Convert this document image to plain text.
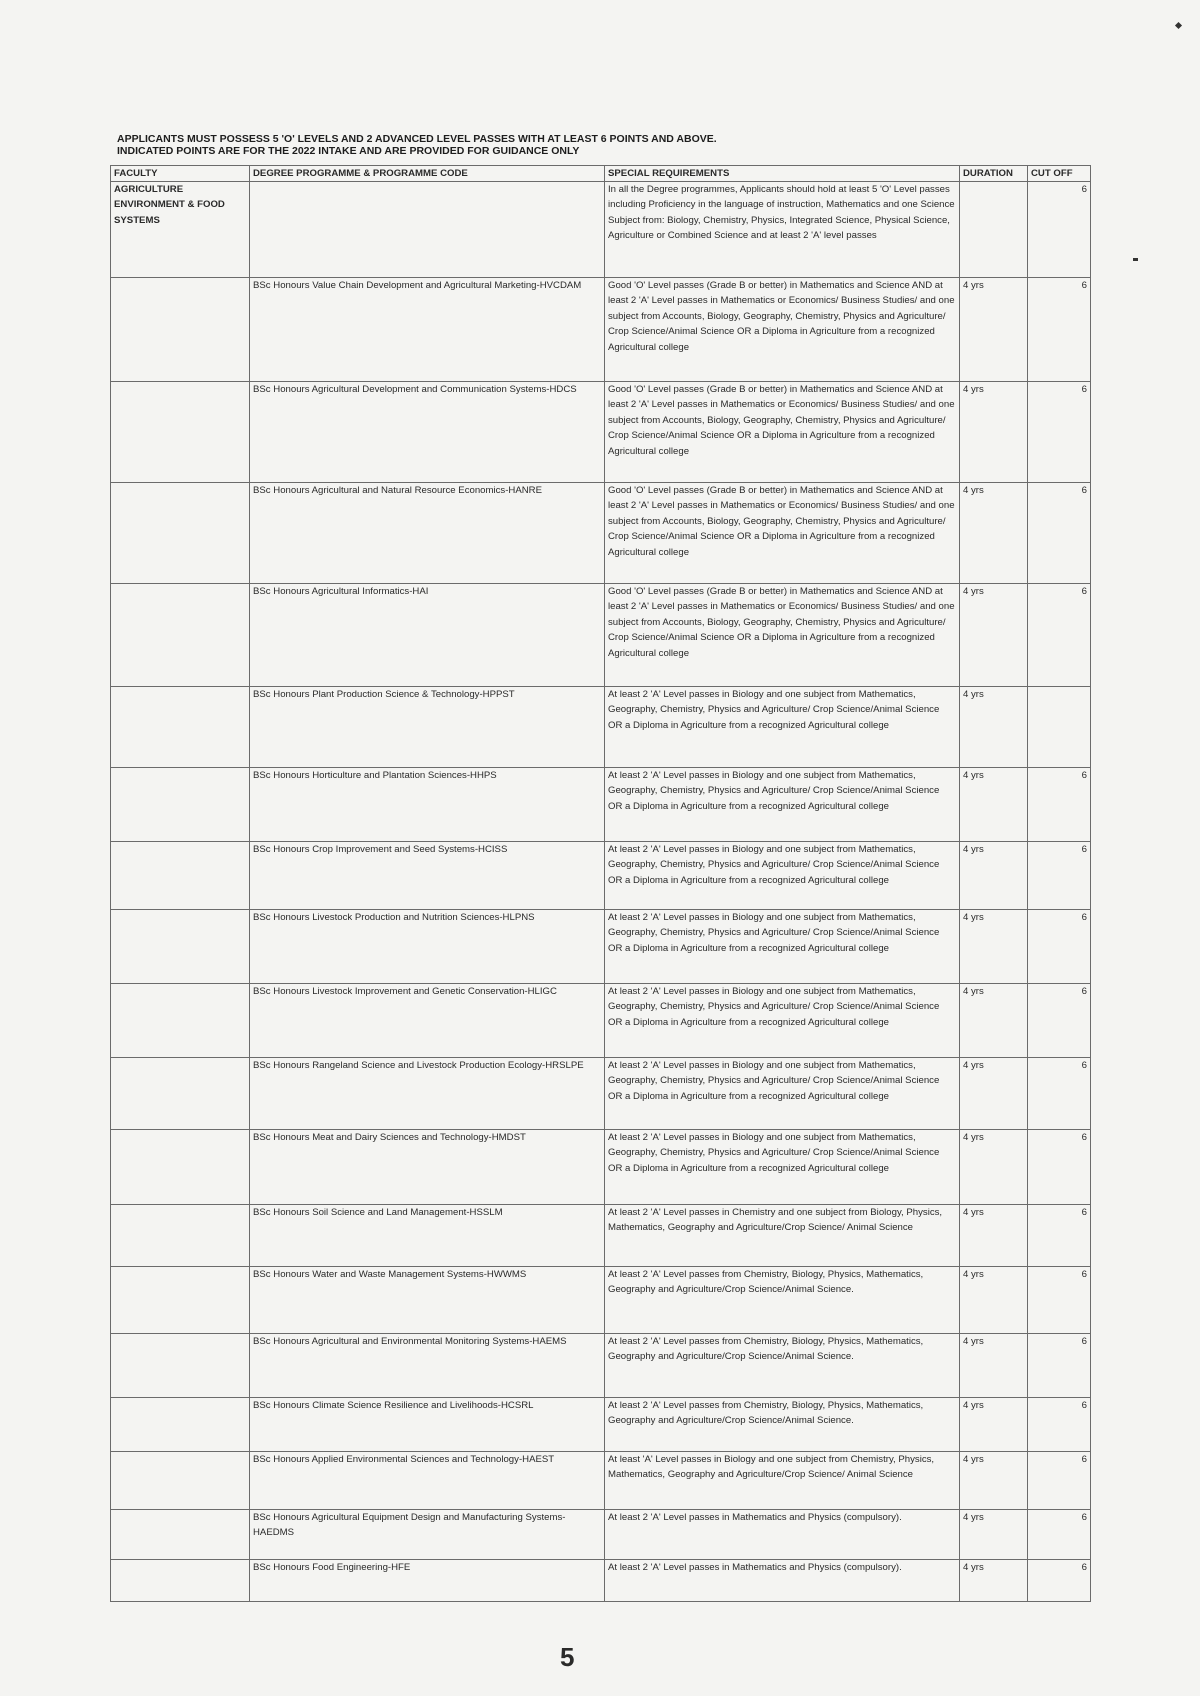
APPLICANTS MUST POSSESS 5 'O' LEVELS AND 2 ADVANCED LEVEL PASSES WITH AT LEAST 6 POINTS AND ABOVE.
INDICATED POINTS ARE FOR THE 2022 INTAKE AND ARE PROVIDED FOR GUIDANCE ONLY
FACULTY	DEGREE PROGRAMME & PROGRAMME CODE	SPECIAL REQUIREMENTS	DURATION	CUT OFF
AGRICULTURE ENVIRONMENT & FOOD SYSTEMS		In all the Degree programmes, Applicants should hold at least 5 'O' Level passes including Proficiency in the language of instruction, Mathematics and one Science Subject from: Biology, Chemistry, Physics, Integrated Science, Physical Science, Agriculture or Combined Science and at least 2 'A' level passes		6
	BSc Honours Value Chain Development and Agricultural Marketing-HVCDAM	Good 'O' Level passes (Grade B or better) in Mathematics and Science AND at least 2 'A' Level passes in Mathematics or Economics/ Business Studies/ and one subject from Accounts, Biology, Geography, Chemistry, Physics and Agriculture/ Crop Science/Animal Science OR a Diploma in Agriculture from a recognized Agricultural college	4 yrs	6
	BSc Honours Agricultural Development and Communication Systems-HDCS	Good 'O' Level passes (Grade B or better) in Mathematics and Science AND at least 2 'A' Level passes in Mathematics or Economics/ Business Studies/ and one subject from Accounts, Biology, Geography, Chemistry, Physics and Agriculture/ Crop Science/Animal Science OR a Diploma in Agriculture from a recognized Agricultural college	4 yrs	6
	BSc Honours Agricultural and Natural Resource Economics-HANRE	Good 'O' Level passes (Grade B or better) in Mathematics and Science AND at least 2 'A' Level passes in Mathematics or Economics/ Business Studies/ and one subject from Accounts, Biology, Geography, Chemistry, Physics and Agriculture/ Crop Science/Animal Science OR a Diploma in Agriculture from a recognized Agricultural college	4 yrs	6
	BSc Honours Agricultural Informatics-HAI	Good 'O' Level passes (Grade B or better) in Mathematics and Science AND at least 2 'A' Level passes in Mathematics or Economics/ Business Studies/ and one subject from Accounts, Biology, Geography, Chemistry, Physics and Agriculture/ Crop Science/Animal Science OR a Diploma in Agriculture from a recognized Agricultural college	4 yrs	6
	BSc Honours Plant Production Science & Technology-HPPST	At least 2 'A' Level passes in Biology and one subject from Mathematics, Geography, Chemistry, Physics and Agriculture/ Crop Science/Animal Science OR a Diploma in Agriculture from a recognized Agricultural college	4 yrs	
	BSc Honours Horticulture and Plantation Sciences-HHPS	At least 2 'A' Level passes in Biology and one subject from Mathematics, Geography, Chemistry, Physics and Agriculture/ Crop Science/Animal Science OR a Diploma in Agriculture from a recognized Agricultural college	4 yrs	6
	BSc Honours Crop Improvement and Seed Systems-HCISS	At least 2 'A' Level passes in Biology and one subject from Mathematics, Geography, Chemistry, Physics and Agriculture/ Crop Science/Animal Science OR a Diploma in Agriculture from a recognized Agricultural college	4 yrs	6
	BSc Honours Livestock Production and Nutrition Sciences-HLPNS	At least 2 'A' Level passes in Biology and one subject from Mathematics, Geography, Chemistry, Physics and Agriculture/ Crop Science/Animal Science OR a Diploma in Agriculture from a recognized Agricultural college	4 yrs	6
	BSc Honours Livestock Improvement and Genetic Conservation-HLIGC	At least 2 'A' Level passes in Biology and one subject from Mathematics, Geography, Chemistry, Physics and Agriculture/ Crop Science/Animal Science OR a Diploma in Agriculture from a recognized Agricultural college	4 yrs	6
	BSc Honours Rangeland Science and Livestock Production Ecology-HRSLPE	At least 2 'A' Level passes in Biology and one subject from Mathematics, Geography, Chemistry, Physics and Agriculture/ Crop Science/Animal Science OR a Diploma in Agriculture from a recognized Agricultural college	4 yrs	6
	BSc Honours Meat and Dairy Sciences and Technology-HMDST	At least 2 'A' Level passes in Biology and one subject from Mathematics, Geography, Chemistry, Physics and Agriculture/ Crop Science/Animal Science OR a Diploma in Agriculture from a recognized Agricultural college	4 yrs	6
	BSc Honours Soil Science and Land Management-HSSLM	At least 2 'A' Level passes in Chemistry and one subject from Biology, Physics, Mathematics, Geography and Agriculture/Crop Science/ Animal Science	4 yrs	6
	BSc Honours Water and Waste Management Systems-HWWMS	At least 2 'A' Level passes from Chemistry, Biology, Physics, Mathematics, Geography and Agriculture/Crop Science/Animal Science.	4 yrs	6
	BSc Honours Agricultural and Environmental Monitoring Systems-HAEMS	At least 2 'A' Level passes from Chemistry, Biology, Physics, Mathematics, Geography and Agriculture/Crop Science/Animal Science.	4 yrs	6
	BSc Honours Climate Science Resilience and Livelihoods-HCSRL	At least 2 'A' Level passes from Chemistry, Biology, Physics, Mathematics, Geography and Agriculture/Crop Science/Animal Science.	4 yrs	6
	BSc Honours Applied Environmental Sciences and Technology-HAEST	At least 'A' Level passes in Biology and one subject from Chemistry, Physics, Mathematics, Geography and Agriculture/Crop Science/ Animal Science	4 yrs	6
	BSc Honours Agricultural Equipment Design and Manufacturing Systems-HAEDMS	At least 2 'A' Level passes in Mathematics and Physics (compulsory).	4 yrs	6
	BSc Honours Food Engineering-HFE	At least 2 'A' Level passes in Mathematics and Physics (compulsory).	4 yrs	6
5
